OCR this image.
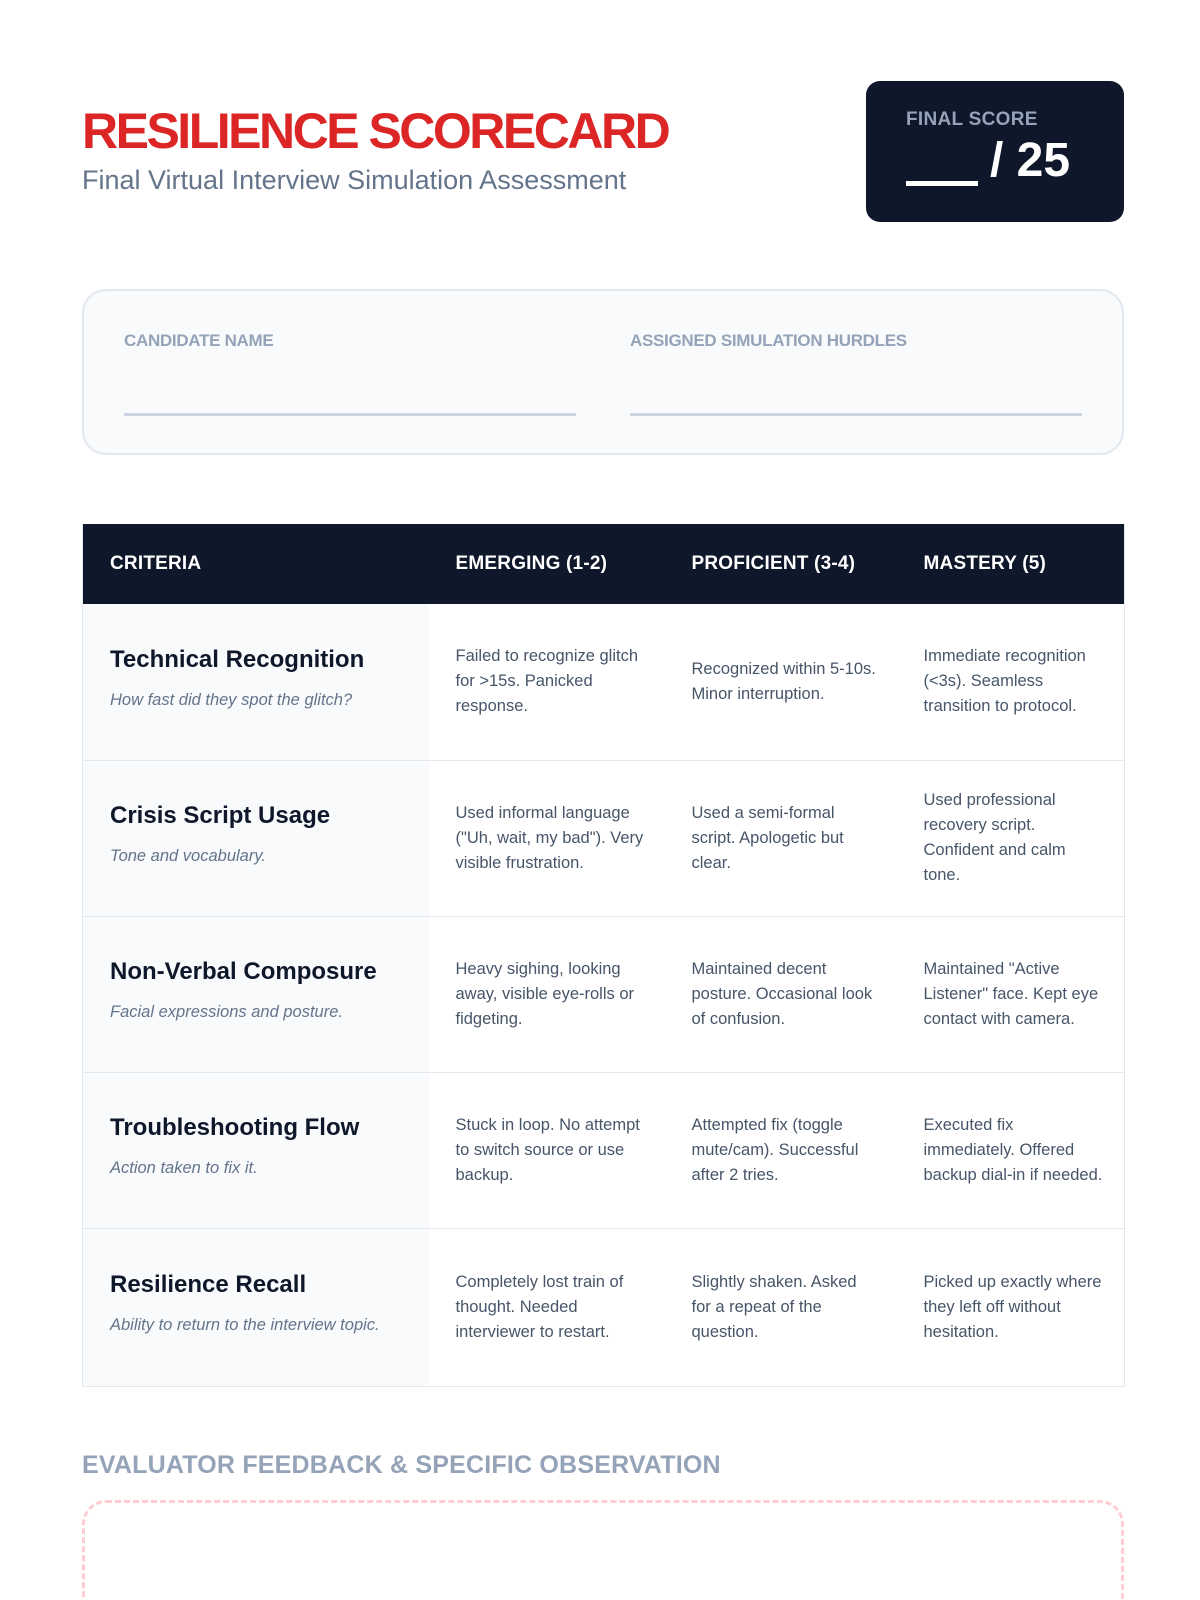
RESILIENCE SCORECARD
Final Virtual Interview Simulation Assessment
FINAL SCORE
/ 25
CANDIDATE NAME	ASSIGNED SIMULATION HURDLES
CRITERIA	EMERGING (1-2)	PROFICIENT (3-4)	MASTERY (5)

Technical Recognition
How fast did they spot the glitch?	Failed to recognize glitch for >15s. Panicked response.	Recognized within 5-10s. Minor interruption.	Immediate recognition (<3s). Seamless transition to protocol.

Crisis Script Usage
Tone and vocabulary.	Used informal language ("Uh, wait, my bad"). Very visible frustration.	Used a semi-formal script. Apologetic but clear.	Used professional recovery script. Confident and calm tone.

Non-Verbal Composure
Facial expressions and posture.	Heavy sighing, looking away, visible eye-rolls or fidgeting.	Maintained decent posture. Occasional look of confusion.	Maintained "Active Listener" face. Kept eye contact with camera.

Troubleshooting Flow
Action taken to fix it.	Stuck in loop. No attempt to switch source or use backup.	Attempted fix (toggle mute/cam). Successful after 2 tries.	Executed fix immediately. Offered backup dial-in if needed.

Resilience Recall
Ability to return to the interview topic.	Completely lost train of thought. Needed interviewer to restart.	Slightly shaken. Asked for a repeat of the question.	Picked up exactly where they left off without hesitation.
EVALUATOR FEEDBACK & SPECIFIC OBSERVATION
